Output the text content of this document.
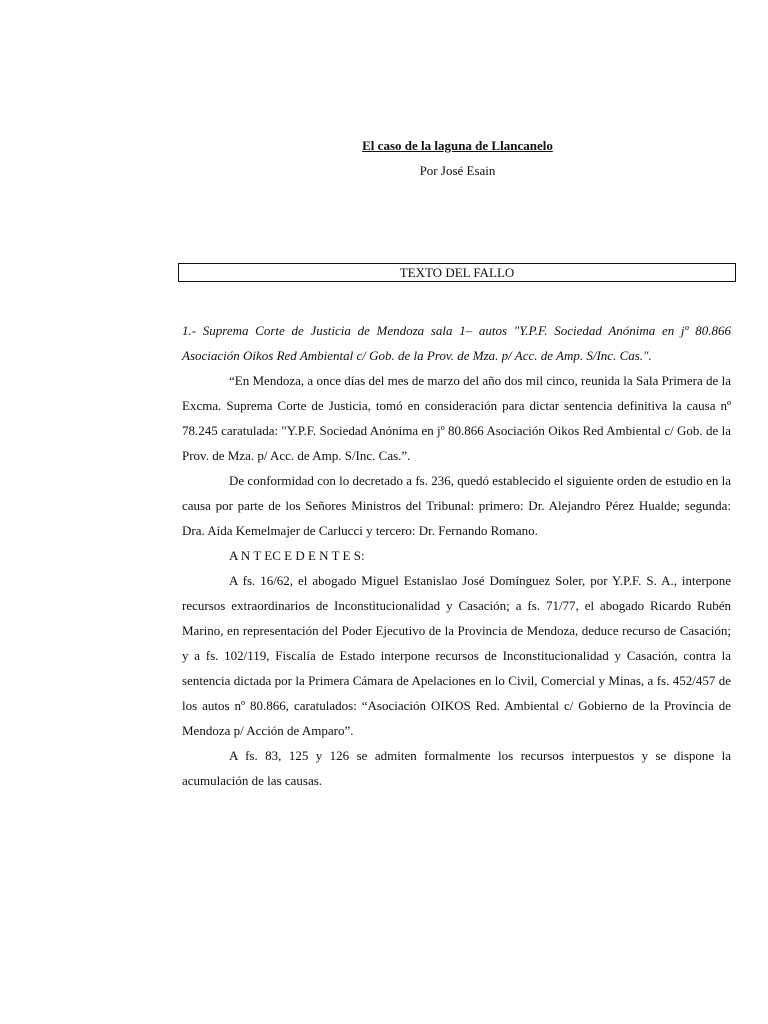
El caso de la laguna de Llancanelo
Por José Esain
TEXTO DEL FALLO

1.- Suprema Corte de Justicia de Mendoza sala 1– autos "Y.P.F. Sociedad Anónima en jº 80.866 Asociación Oikos Red Ambiental c/ Gob. de la Prov. de Mza. p/ Acc. de Amp. S/Inc. Cas.".

“En Mendoza, a once días del mes de marzo del año dos mil cinco, reunida la Sala Primera de la Excma. Suprema Corte de Justicia, tomó en consideración para dictar sentencia definitiva la causa nº 78.245 caratulada: "Y.P.F. Sociedad Anónima en jº 80.866 Asociación Oikos Red Ambiental c/ Gob. de la Prov. de Mza. p/ Acc. de Amp. S/Inc. Cas.”.

De conformidad con lo decretado a fs. 236, quedó establecido el siguiente orden de estudio en la causa por parte de los Señores Ministros del Tribunal: primero: Dr. Alejandro Pérez Hualde; segunda: Dra. Aída Kemelmajer de Carlucci y tercero: Dr. Fernando Romano.

A N T EC E D E N T E S:

A fs. 16/62, el abogado Miguel Estanislao José Domínguez Soler, por Y.P.F. S. A., interpone recursos extraordinarios de Inconstitucionalidad y Casación; a fs. 71/77, el abogado Ricardo Rubén Marino, en representación del Poder Ejecutivo de la Provincia de Mendoza, deduce recurso de Casación; y a fs. 102/119, Fiscalía de Estado interpone recursos de Inconstitucionalidad y Casación, contra la sentencia dictada por la Primera Cámara de Apelaciones en lo Civil, Comercial y Minas, a fs. 452/457 de los autos nº 80.866, caratulados: “Asociación OIKOS Red. Ambiental c/ Gobierno de la Provincia de Mendoza p/ Acción de Amparo”.

A fs. 83, 125 y 126 se admiten formalmente los recursos interpuestos y se dispone la acumulación de las causas.
